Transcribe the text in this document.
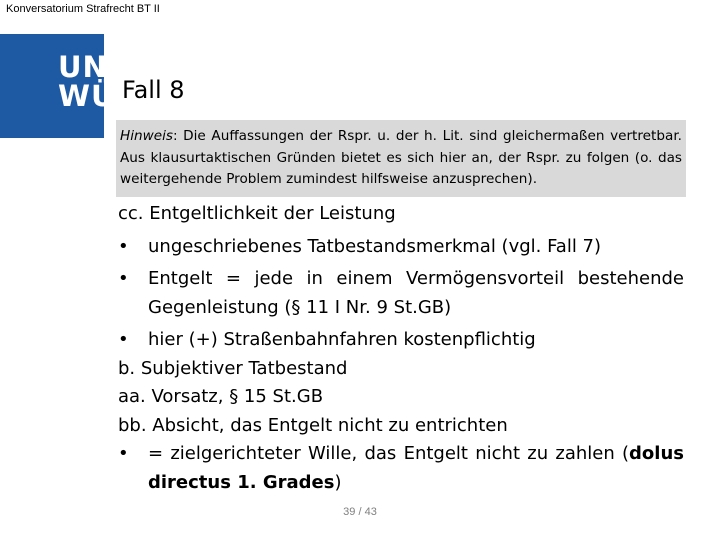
Konversatorium Strafrecht BT II
UNI
WÜ Fall 8
Hinweis: Die Auffassungen der Rspr. u. der h. Lit. sind gleichermaßen vertretbar. Aus klausurtaktischen Gründen bietet es sich hier an, der Rspr. zu folgen (o. das weitergehende Problem zumindest hilfsweise anzusprechen).

cc. Entgeltlichkeit der Leistung

• ungeschriebenes Tatbestandsmerkmal (vgl. Fall 7)

• Entgelt = jede in einem Vermögensvorteil bestehende Gegenleistung (§ 11 I Nr. 9 St.GB)

• hier (+) Straßenbahnfahren kostenpflichtig

b. Subjektiver Tatbestand

aa. Vorsatz, § 15 St.GB

bb. Absicht, das Entgelt nicht zu entrichten

• = zielgerichteter Wille, das Entgelt nicht zu zahlen (dolus directus 1. Grades)

39 / 43
